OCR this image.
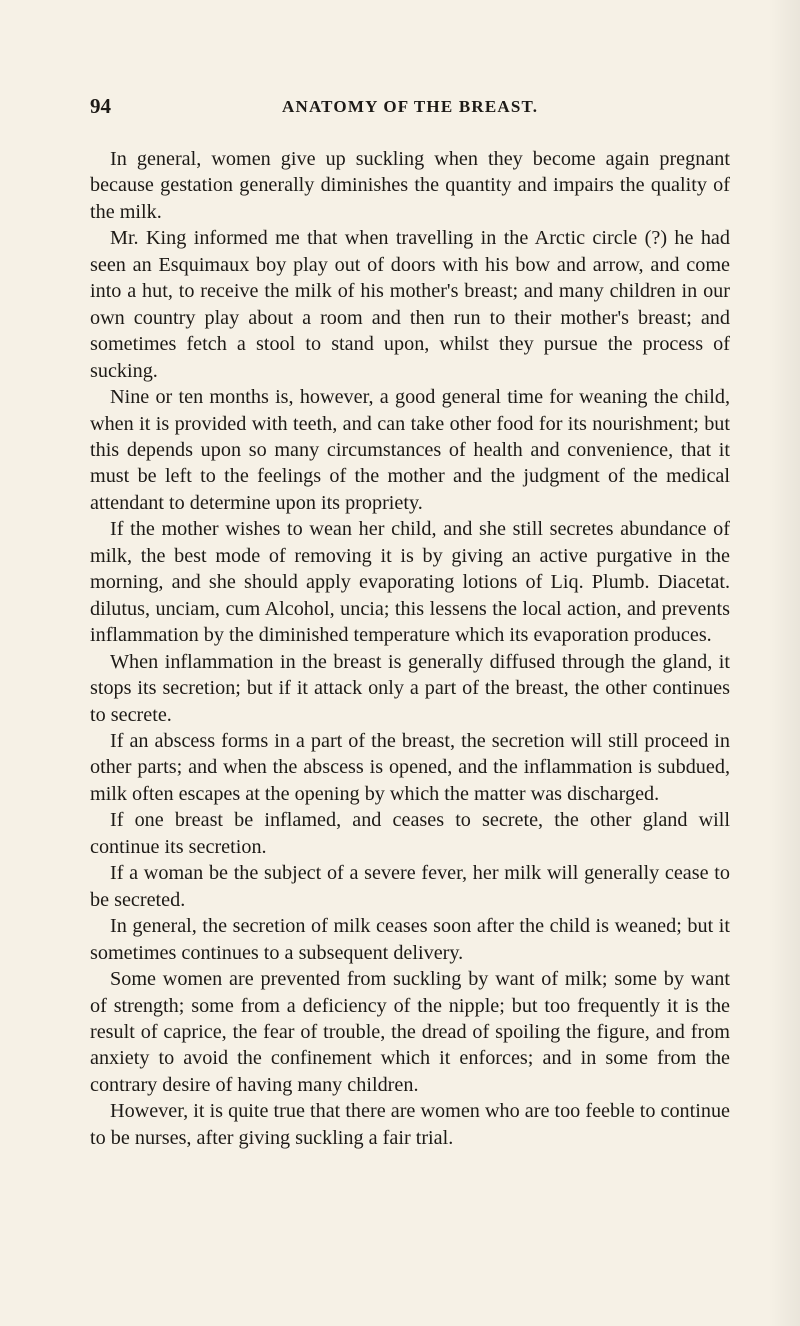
94	ANATOMY OF THE BREAST.

In general, women give up suckling when they become again pregnant because gestation generally diminishes the quantity and impairs the quality of the milk.

Mr. King informed me that when travelling in the Arctic circle (?) he had seen an Esquimaux boy play out of doors with his bow and arrow, and come into a hut, to receive the milk of his mother's breast; and many children in our own country play about a room and then run to their mother's breast; and sometimes fetch a stool to stand upon, whilst they pursue the process of sucking.

Nine or ten months is, however, a good general time for weaning the child, when it is provided with teeth, and can take other food for its nourishment; but this depends upon so many circumstances of health and convenience, that it must be left to the feelings of the mother and the judgment of the medical attendant to determine upon its propriety.

If the mother wishes to wean her child, and she still secretes abundance of milk, the best mode of removing it is by giving an active purgative in the morning, and she should apply evaporating lotions of Liq. Plumb. Diacetat. dilutus, unciam, cum Alcohol, uncia; this lessens the local action, and prevents inflammation by the diminished temperature which its evaporation produces.

When inflammation in the breast is generally diffused through the gland, it stops its secretion; but if it attack only a part of the breast, the other continues to secrete.

If an abscess forms in a part of the breast, the secretion will still proceed in other parts; and when the abscess is opened, and the inflammation is subdued, milk often escapes at the opening by which the matter was discharged.

If one breast be inflamed, and ceases to secrete, the other gland will continue its secretion.

If a woman be the subject of a severe fever, her milk will generally cease to be secreted.

In general, the secretion of milk ceases soon after the child is weaned; but it sometimes continues to a subsequent delivery.

Some women are prevented from suckling by want of milk; some by want of strength; some from a deficiency of the nipple; but too frequently it is the result of caprice, the fear of trouble, the dread of spoiling the figure, and from anxiety to avoid the confinement which it enforces; and in some from the contrary desire of having many children.

However, it is quite true that there are women who are too feeble to continue to be nurses, after giving suckling a fair trial.
